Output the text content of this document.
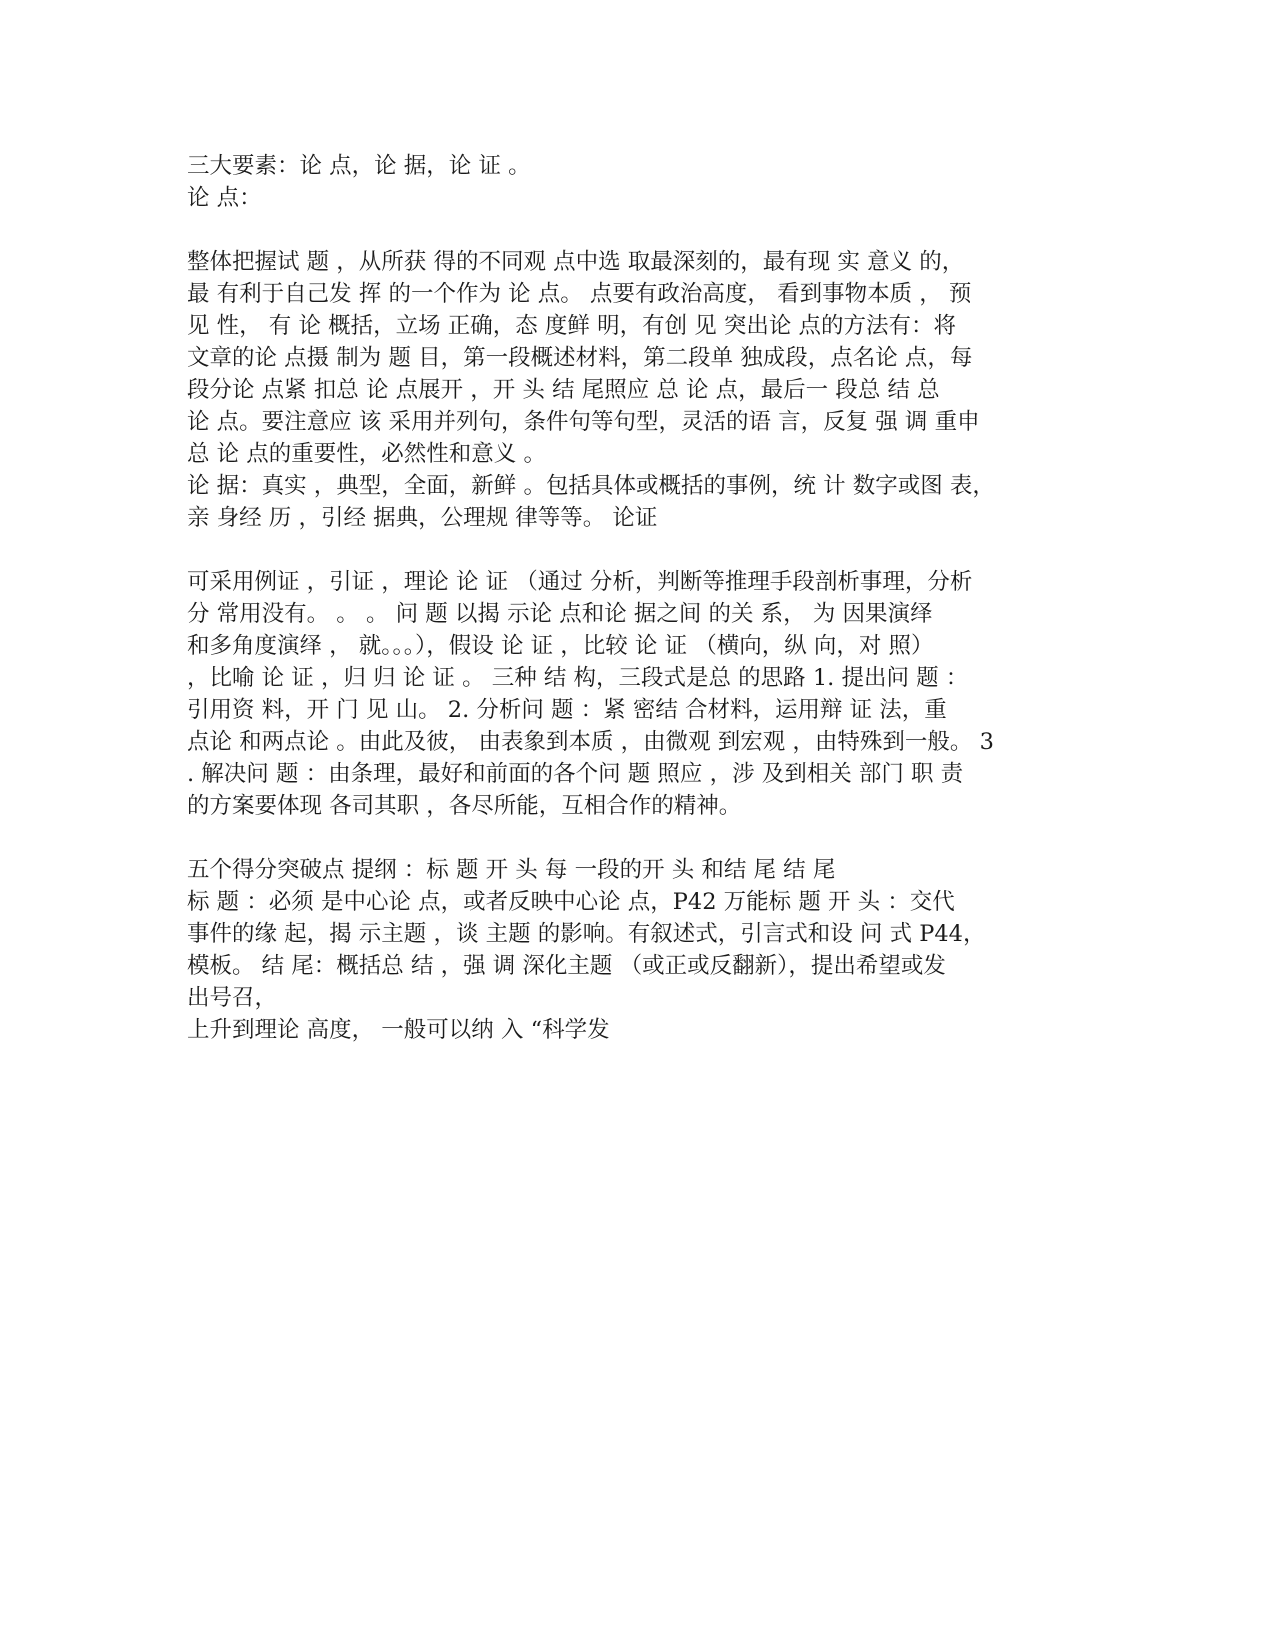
三大要素：论 点，论 据，论 证 。
论 点：
整体把握试 题 ，从所获 得的不同观 点中选 取最深刻的，最有现 实 意义 的，
最 有利于自己发 挥 的一个作为 论 点。 点要有政治高度， 看到事物本质 ， 预
见 性， 有 论 概括，立场 正确，态 度鲜 明，有创 见 突出论 点的方法有：将
文章的论 点摄 制为 题 目，第一段概述材料，第二段单 独成段，点名论 点，每
段分论 点紧 扣总 论 点展开 ，开 头 结 尾照应 总 论 点，最后一 段总 结 总
论 点。要注意应 该 采用并列句，条件句等句型，灵活的语 言，反复 强 调 重申
总 论 点的重要性，必然性和意义 。
论 据：真实 ，典型，全面，新鲜 。包括具体或概括的事例，统 计 数字或图 表，
亲 身经 历 ，引经 据典，公理规 律等等。 论证
可采用例证 ，引证 ，理论 论 证 （通过 分析，判断等推理手段剖析事理，分析
分 常用没有。 。 。 问 题 以揭 示论 点和论 据之间 的关 系， 为 因果演绎
和多角度演绎 ， 就。。。），假设 论 证 ，比较 论 证 （横向，纵 向，对 照）
，比喻 论 证 ，归 归 论 证 。 三种 结 构，三段式是总 的思路 1. 提出问 题 ：
引用资 料，开 门 见 山。 2. 分析问 题 ：紧 密结 合材料，运用辩 证 法，重
点论 和两点论 。由此及彼， 由表象到本质 ，由微观 到宏观 ，由特殊到一般。 3
. 解决问 题 ：由条理，最好和前面的各个问 题 照应 ，涉 及到相关 部门 职 责
的方案要体现 各司其职 ，各尽所能，互相合作的精神。
五个得分突破点 提纲 ：标 题 开 头 每 一段的开 头 和结 尾 结 尾
标 题 ：必须 是中心论 点，或者反映中心论 点，P42 万能标 题 开 头 ：交代
事件的缘 起，揭 示主题 ，谈 主题 的影响。有叙述式，引言式和设 问 式 P44，
模板。 结 尾：概括总 结 ，强 调 深化主题 （或正或反翻新），提出希望或发
出号召，
上升到理论 高度， 一般可以纳 入 “科学发
